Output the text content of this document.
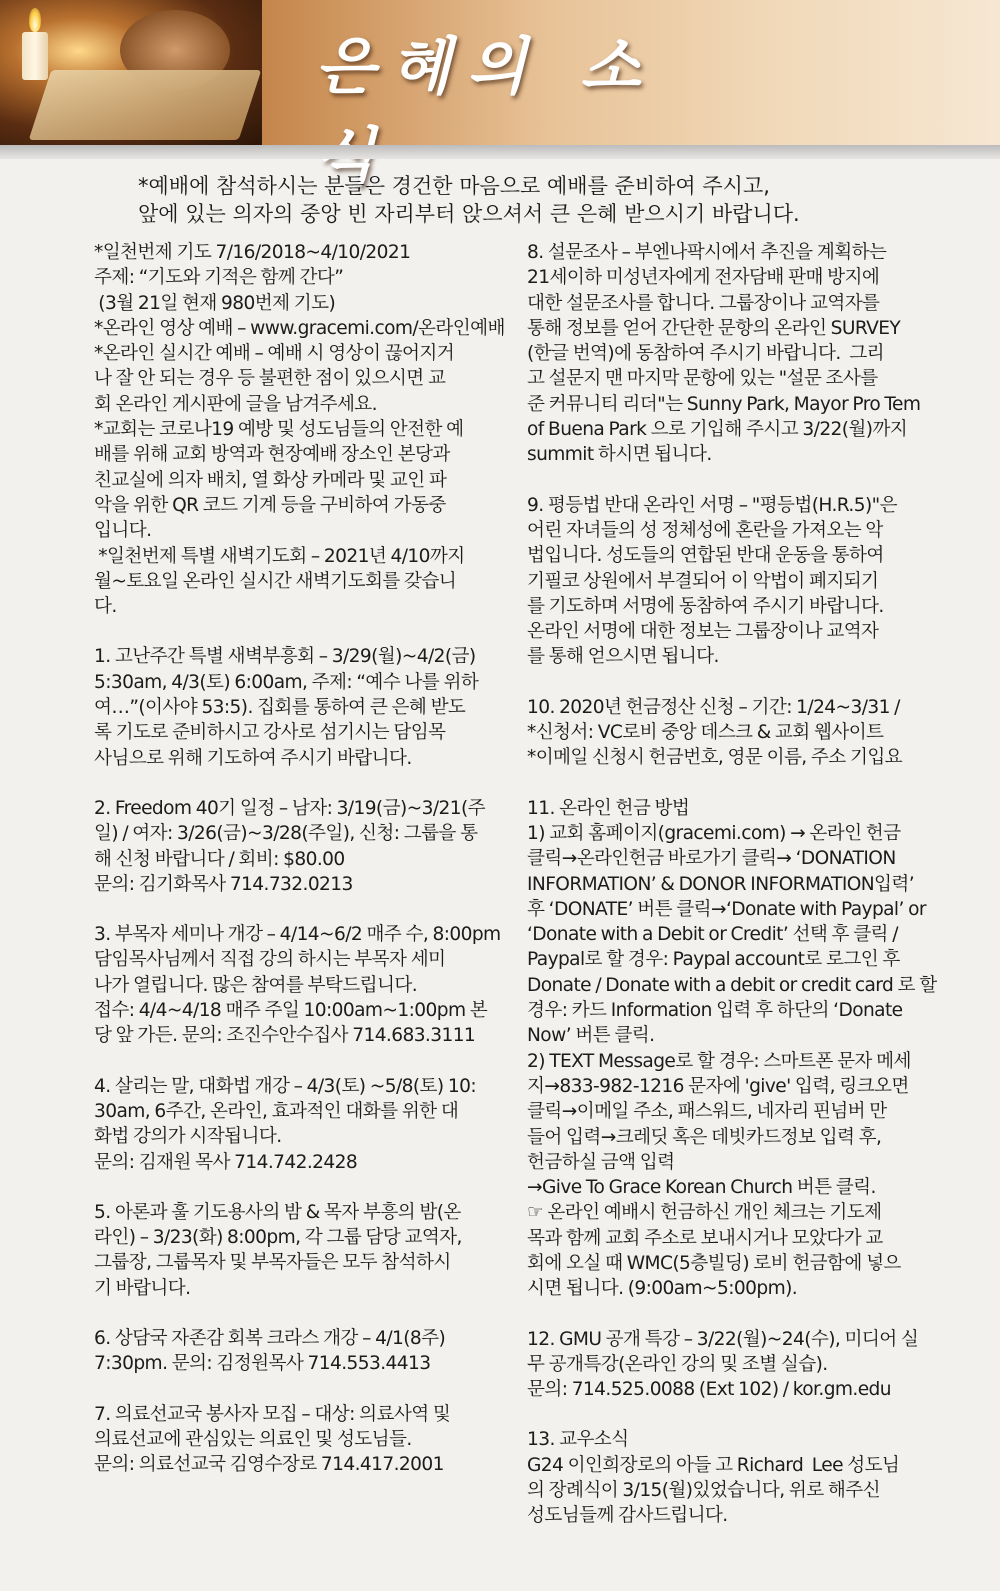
은혜의 소
*예배에 참석하시는 분들은 경건한 마음으로 예배를 준비하여 주시고,
앞에 있는 의자의 중앙 빈 자리부터 앉으셔서 큰 은혜 받으시기 바랍니다.
*일천번제 기도 7/16/2018~4/10/2021
주제: “기도와 기적은 함께 간다”
(3월 21일 현재 980번제 기도)
*온라인 영상 예배 – www.gracemi.com/온라인예배
*온라인 실시간 예배 – 예배 시 영상이 끊어지거
나 잘 안 되는 경우 등 불편한 점이 있으시면 교
회 온라인 게시판에 글을 남겨주세요.
*교회는 코로나19 예방 및 성도님들의 안전한 예
배를 위해 교회 방역과 현장예배 장소인 본당과
친교실에 의자 배치, 열 화상 카메라 및 교인 파
악을 위한 QR 코드 기계 등을 구비하여 가동중
입니다.
*일천번제 특별 새벽기도회 – 2021년 4/10까지
월~토요일 온라인 실시간 새벽기도회를 갖습니
다.
1. 고난주간 특별 새벽부흥회 – 3/29(월)~4/2(금)
5:30am, 4/3(토) 6:00am, 주제: “예수 나를 위하
여…”(이사야 53:5). 집회를 통하여 큰 은혜 받도
록 기도로 준비하시고 강사로 섬기시는 담임목
사님으로 위해 기도하여 주시기 바랍니다.
2. Freedom 40기 일정 – 남자: 3/19(금)~3/21(주
일) / 여자: 3/26(금)~3/28(주일), 신청: 그룹을 통
해 신청 바랍니다 / 회비: $80.00
문의: 김기화목사 714.732.0213
3. 부목자 세미나 개강 – 4/14~6/2 매주 수, 8:00pm
담임목사님께서 직접 강의 하시는 부목자 세미
나가 열립니다. 많은 참여를 부탁드립니다.
접수: 4/4~4/18 매주 주일 10:00am~1:00pm 본
당 앞 가든. 문의: 조진수안수집사 714.683.3111
4. 살리는 말, 대화법 개강 – 4/3(토) ~5/8(토) 10:
30am, 6주간, 온라인, 효과적인 대화를 위한 대
화법 강의가 시작됩니다.
문의: 김재원 목사 714.742.2428
5. 아론과 훌 기도용사의 밤 & 목자 부흥의 밤(온
라인) – 3/23(화) 8:00pm, 각 그룹 담당 교역자,
그룹장, 그룹목자 및 부목자들은 모두 참석하시
기 바랍니다.
6. 상담국 자존감 회복 크라스 개강 – 4/1(8주)
7:30pm. 문의: 김정원목사 714.553.4413
7. 의료선교국 봉사자 모집 – 대상: 의료사역 및
의료선교에 관심있는 의료인 및 성도님들.
문의: 의료선교국 김영수장로 714.417.2001
8. 설문조사 – 부엔나팍시에서 추진을 계획하는
21세이하 미성년자에게 전자담배 판매 방지에
대한 설문조사를 합니다. 그룹장이나 교역자를
통해 정보를 얻어 간단한 문항의 온라인 SURVEY
(한글 번역)에 동참하여 주시기 바랍니다.  그리
고 설문지 맨 마지막 문항에 있는 "설문 조사를
준 커뮤니티 리더"는 Sunny Park, Mayor Pro Tem
of Buena Park 으로 기입해 주시고 3/22(월)까지
summit 하시면 됩니다.
9. 평등법 반대 온라인 서명 – "평등법(H.R.5)"은
어린 자녀들의 성 정체성에 혼란을 가져오는 악
법입니다. 성도들의 연합된 반대 운동을 통하여
기필코 상원에서 부결되어 이 악법이 폐지되기
를 기도하며 서명에 동참하여 주시기 바랍니다.
온라인 서명에 대한 정보는 그룹장이나 교역자
를 통해 얻으시면 됩니다.
10. 2020년 헌금정산 신청 – 기간: 1/24~3/31 /
*신청서: VC로비 중앙 데스크 & 교회 웹사이트
*이메일 신청시 헌금번호, 영문 이름, 주소 기입요
11. 온라인 헌금 방법
1) 교회 홈페이지(gracemi.com) → 온라인 헌금
클릭→온라인헌금 바로가기 클릭→ ‘DONATION
INFORMATION’ & DONOR INFORMATION입력’
후 ‘DONATE’ 버튼 클릭→‘Donate with Paypal’ or
‘Donate with a Debit or Credit’ 선택 후 클릭 /
Paypal로 할 경우: Paypal account로 로그인 후
Donate / Donate with a debit or credit card 로 할
경우: 카드 Information 입력 후 하단의 ‘Donate
Now’ 버튼 클릭.
2) TEXT Message로 할 경우: 스마트폰 문자 메세
지→833-982-1216 문자에 'give' 입력, 링크오면
클릭→이메일 주소, 패스워드, 네자리 핀넘버 만
들어 입력→크레딧 혹은 데빗카드정보 입력 후,
헌금하실 금액 입력
→Give To Grace Korean Church 버튼 클릭.
☞ 온라인 예배시 헌금하신 개인 체크는 기도제
목과 함께 교회 주소로 보내시거나 모았다가 교
회에 오실 때 WMC(5층빌딩) 로비 헌금함에 넣으
시면 됩니다. (9:00am~5:00pm).
12. GMU 공개 특강 – 3/22(월)~24(수), 미디어 실
무 공개특강(온라인 강의 및 조별 실습).
문의: 714.525.0088 (Ext 102) / kor.gm.edu
13. 교우소식
G24 이인희장로의 아들 고 Richard  Lee 성도님
의 장례식이 3/15(월)있었습니다, 위로 해주신
성도님들께 감사드립니다.
